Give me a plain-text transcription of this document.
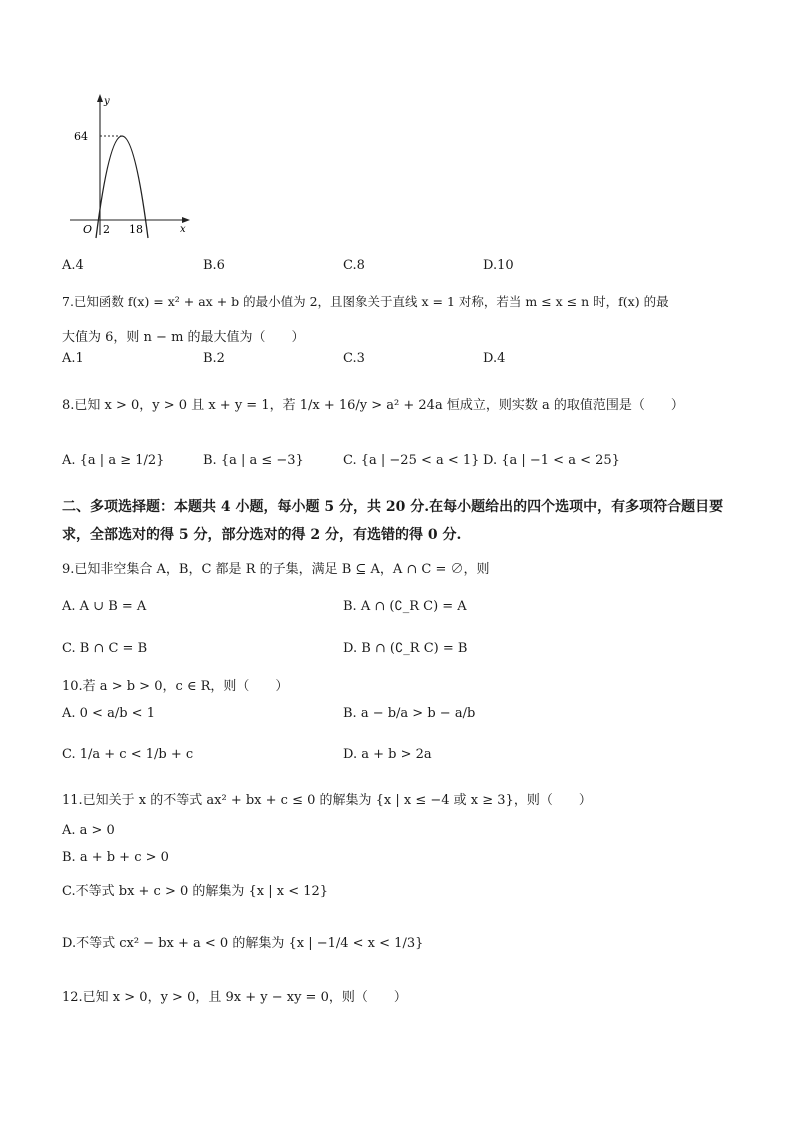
y
x
O
64
2 18
A.4	B.6	C.8	D.10
7.已知函数 f(x) = x² + ax + b 的最小值为 2，且图象关于直线 x = 1 对称，若当 m ≤ x ≤ n 时，f(x) 的最
大值为 6，则 n − m 的最大值为（　　）
A.1	B.2	C.3	D.4
8.已知 x > 0，y > 0 且 x + y = 1，若 1/x + 16/y > a² + 24a 恒成立，则实数 a 的取值范围是（　　）
A. {a | a ≥ 1/2}	B. {a | a ≤ −3}	C. {a | −25 < a < 1} D. {a | −1 < a < 25}
二、多项选择题：本题共 4 小题，每小题 5 分，共 20 分.在每小题给出的四个选项中，有多项符合题目要求，全部选对的得 5 分，部分选对的得 2 分，有选错的得 0 分.
9.已知非空集合 A，B，C 都是 R 的子集，满足 B ⊆ A，A ∩ C = ∅，则
A. A ∪ B = A	B. A ∩ (∁_R C) = A
C. B ∩ C = B	D. B ∩ (∁_R C) = B
10.若 a > b > 0，c ∈ R，则（　　）
A. 0 < a/b < 1	B. a − b/a > b − a/b
C. 1/a + c < 1/b + c	D. a + b > 2a
11.已知关于 x 的不等式 ax² + bx + c ≤ 0 的解集为 {x | x ≤ −4 或 x ≥ 3}，则（　　）
A. a > 0
B. a + b + c > 0
C.不等式 bx + c > 0 的解集为 {x | x < 12}
D.不等式 cx² − bx + a < 0 的解集为 {x | −1/4 < x < 1/3}
12.已知 x > 0，y > 0，且 9x + y − xy = 0，则（　　）
